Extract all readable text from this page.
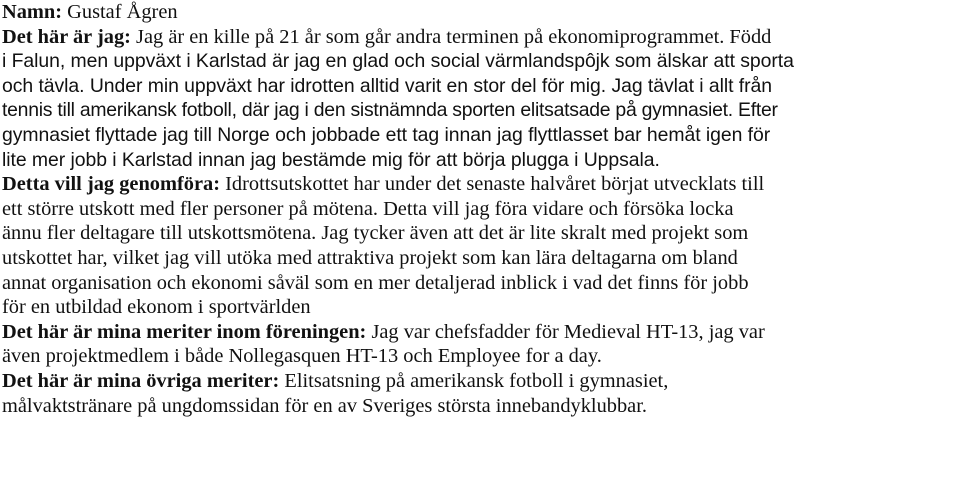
Namn: Gustaf Ågren
Det här är jag: Jag är en kille på 21 år som går andra terminen på ekonomiprogrammet. Född
i Falun, men uppväxt i Karlstad är jag en glad och social värmlandspôjk som älskar att sporta
och tävla. Under min uppväxt har idrotten alltid varit en stor del för mig. Jag tävlat i allt från
tennis till amerikansk fotboll, där jag i den sistnämnda sporten elitsatsade på gymnasiet. Efter
gymnasiet flyttade jag till Norge och jobbade ett tag innan jag flyttlasset bar hemåt igen för
lite mer jobb i Karlstad innan jag bestämde mig för att börja plugga i Uppsala.
Detta vill jag genomföra: Idrottsutskottet har under det senaste halvåret börjat utvecklats till
ett större utskott med fler personer på mötena. Detta vill jag föra vidare och försöka locka
ännu fler deltagare till utskottsmötena. Jag tycker även att det är lite skralt med projekt som
utskottet har, vilket jag vill utöka med attraktiva projekt som kan lära deltagarna om bland
annat organisation och ekonomi såväl som en mer detaljerad inblick i vad det finns för jobb
för en utbildad ekonom i sportvärlden
Det här är mina meriter inom föreningen: Jag var chefsfadder för Medieval HT-13, jag var
även projektmedlem i både Nollegasquen HT-13 och Employee for a day.
Det här är mina övriga meriter: Elitsatsning på amerikansk fotboll i gymnasiet,
målvaktstränare på ungdomssidan för en av Sveriges största innebandyklubbar.
